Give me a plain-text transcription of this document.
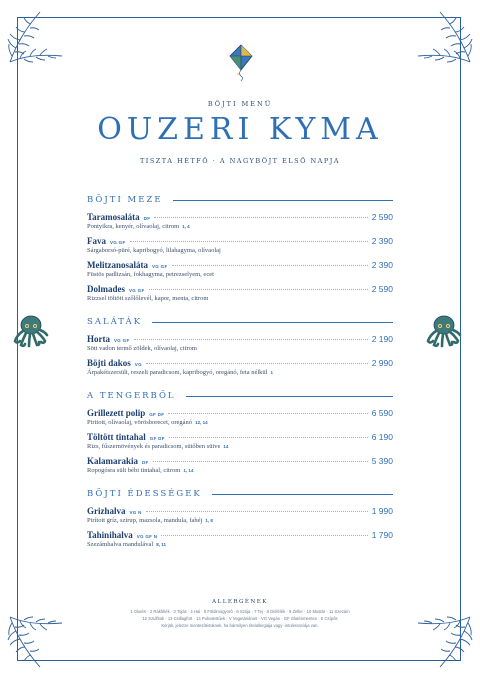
BÖJTI MENÜ
OUZERI KYMA
TISZTA HÉTFŐ · A NAGYBÖJT ELSŐ NAPJA
BÖJTI MEZE
Taramosaláta DF	2 590
Pontyikra, kenyér, olívaolaj, citrom 1, 4
Fava VG GF	2 390
Sárgaborsó-püré, kapribogyó, lilahagyma, olívaolaj
Melitzanosaláta VG GF	2 390
Füstös padlizsán, fokhagyma, petrezselyem, ecet
Dolmades VG GF	2 590
Rizzsel töltött szőlőlevél, kapor, menta, citrom
SALÁTÁK
Horta VG GF	2 190
Sött vadon termő zöldek, olívaolaj, citrom
Böjti dakos VG	2 990
Árpakétszersült, reszelt paradicsom, kapribogyó, oregánó, feta nélkül 1
A TENGERBŐL
Grillezett polip GF DF	6 590
Piritott, olívaolaj, vörösborecet, oregánó 12, 14
Töltött tintahal GF DF	6 190
Rizs, fűszernövények és paradicsom, sütőben sütve 14
Kalamarakia DF	5 390
Ropogósra sült bébi tintahal, citrom 1, 14
BÖJTI ÉDESSÉGEK
Grizhalva VG N	1 990
Pirított gríz, szirup, mazsola, mandula, fahéj 1, 8
Tahinihalva VG GF N	1 790
Szezámhalva mandulával 8, 11
ALLERGÉNEK
1 Glutén · 2 Rákfélék · 3 Tojás · 4 Hal · 5 Földimogyoró · 6 Szója · 7 Tej · 8 Diófélék · 9 Zeller · 10 Mustár · 11 Szezám
12 Szulfitok · 13 Csillagfürt · 14 Puhatestűek · V Vegetáriánus · VG Vegán · GF Gluténmentes · S Csípős
Kérjük, jelezze mentesítésüknek, ha bármilyen ételallergiája vagy -intoleranciája van.
